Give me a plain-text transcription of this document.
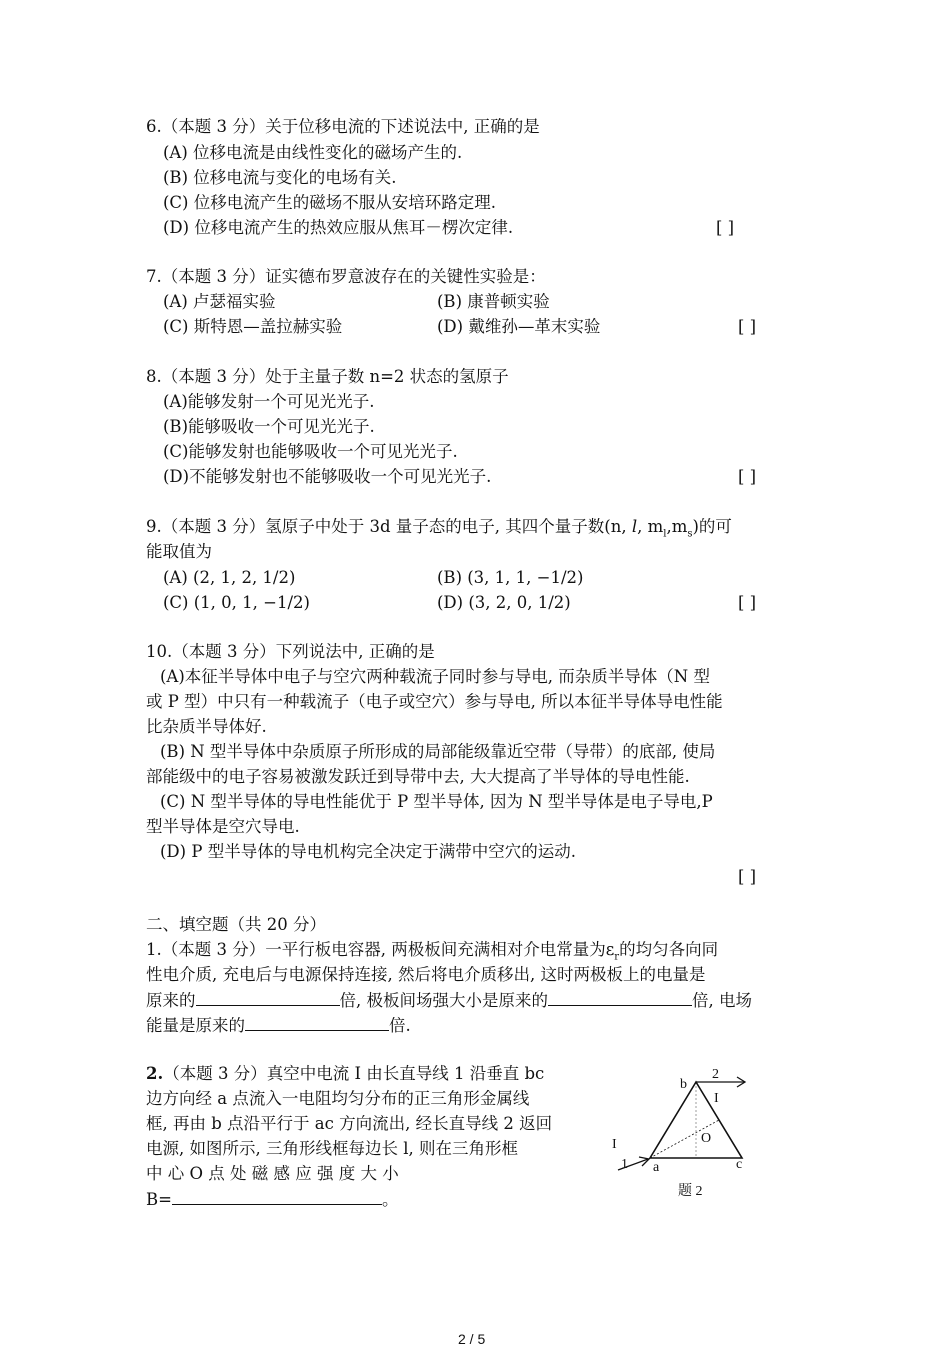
6.（本题 3 分）关于位移电流的下述说法中, 正确的是
(A) 位移电流是由线性变化的磁场产生的.
(B) 位移电流与变化的电场有关.
(C) 位移电流产生的磁场不服从安培环路定理.
(D) 位移电流产生的热效应服从焦耳－楞次定律.	[ ]
7.（本题 3 分）证实德布罗意波存在的关键性实验是：
(A) 卢瑟福实验	(B) 康普顿实验
(C) 斯特恩—盖拉赫实验	(D) 戴维孙—革末实验	[ ]
8.（本题 3 分）处于主量子数 n=2 状态的氢原子
(A)能够发射一个可见光光子.
(B)能够吸收一个可见光光子.
(C)能够发射也能够吸收一个可见光光子.
(D)不能够发射也不能够吸收一个可见光光子.	[ ]
9.（本题 3 分）氢原子中处于 3d 量子态的电子, 其四个量子数(n, l, $m_l,m_s$)的可
能取值为
(A) (2, 1, 2, 1/2)	(B) (3, 1, 1, −1/2)
(C) (1, 0, 1, −1/2)	(D) (3, 2, 0, 1/2)	[ ]
10.（本题 3 分）下列说法中, 正确的是
(A)本征半导体中电子与空穴两种载流子同时参与导电, 而杂质半导体（N 型
或 P 型）中只有一种载流子（电子或空穴）参与导电, 所以本征半导体导电性能
比杂质半导体好.
(B) N 型半导体中杂质原子所形成的局部能级靠近空带（导带）的底部, 使局
部能级中的电子容易被激发跃迁到导带中去, 大大提高了半导体的导电性能.
(C) N 型半导体的导电性能优于 P 型半导体, 因为 N 型半导体是电子导电,P
型半导体是空穴导电.
(D) P 型半导体的导电机构完全决定于满带中空穴的运动.
[ ]
二、填空题（共 20 分）
1.（本题 3 分）一平行板电容器, 两极板间充满相对介电常量为$\varepsilon_r$的均匀各向同
性电介质, 充电后与电源保持连接, 然后将电介质移出, 这时两极板上的电量是
原来的	倍, 极板间场强大小是原来的	倍, 电场
能量是原来的	倍.
2.（本题 3 分）真空中电流 I 由长直导线 1 沿垂直 bc
边方向经 a 点流入一电阻均匀分布的正三角形金属线
框, 再由 b 点沿平行于 ac 方向流出, 经长直导线 2 返回
电源, 如图所示, 三角形线框每边长 l, 则在三角形框
中 心 O 点 处 磁 感 应 强 度 大 小
B=	。
b
2
I
O
I
1 a	c
题 2
2 / 5
